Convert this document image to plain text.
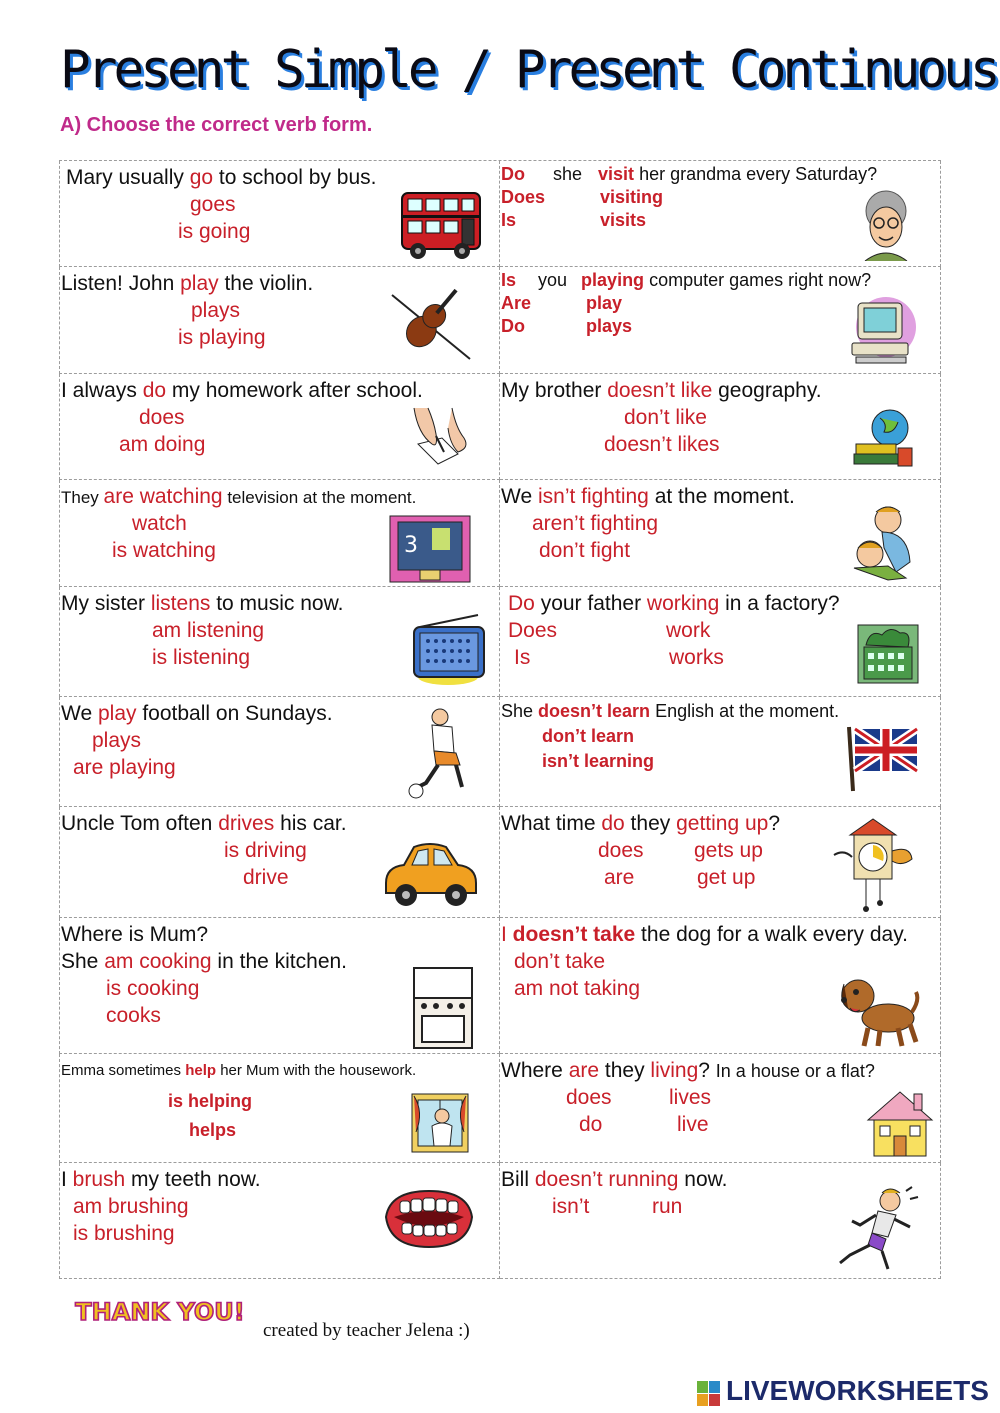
Present Simple / Present Continuous
A) Choose the correct verb form.
Mary usually go to school by bus.
goes
is going
Do she visit her grandma every Saturday?
Does	visiting
Is	visits
Listen! John play the violin.
plays
is playing
Is you playing computer games right now?
Are	play
Do	plays
I always do my homework after school.
does
am doing
My brother doesn’t like geography.
don’t like
doesn’t likes
They are watching television at the moment.
watch
is watching	3
We isn’t fighting at the moment.
aren’t fighting
don’t fight
My sister listens to music now.
am listening
is listening
Do your father working in a factory?
Does	work
Is	works
We play football on Sundays.
plays
are playing
She doesn’t learn English at the moment.
don’t learn
isn’t learning
Uncle Tom often drives his car.
is driving
drive
What time do they getting up?
does gets up
are	get up
Where is Mum?
She am cooking in the kitchen.
is cooking
cooks
I doesn’t take the dog for a walk every day.
don’t take
am not taking
Emma sometimes help her Mum with the housework.
is helping
helps
Where are they living? In a house or a flat?
does	lives
do	live
I brush my teeth now.
am brushing
is brushing
Bill doesn’t running now.
isn’t	run
THANK YOU!
created by teacher Jelena :)
LIVEWORKSHEETS
